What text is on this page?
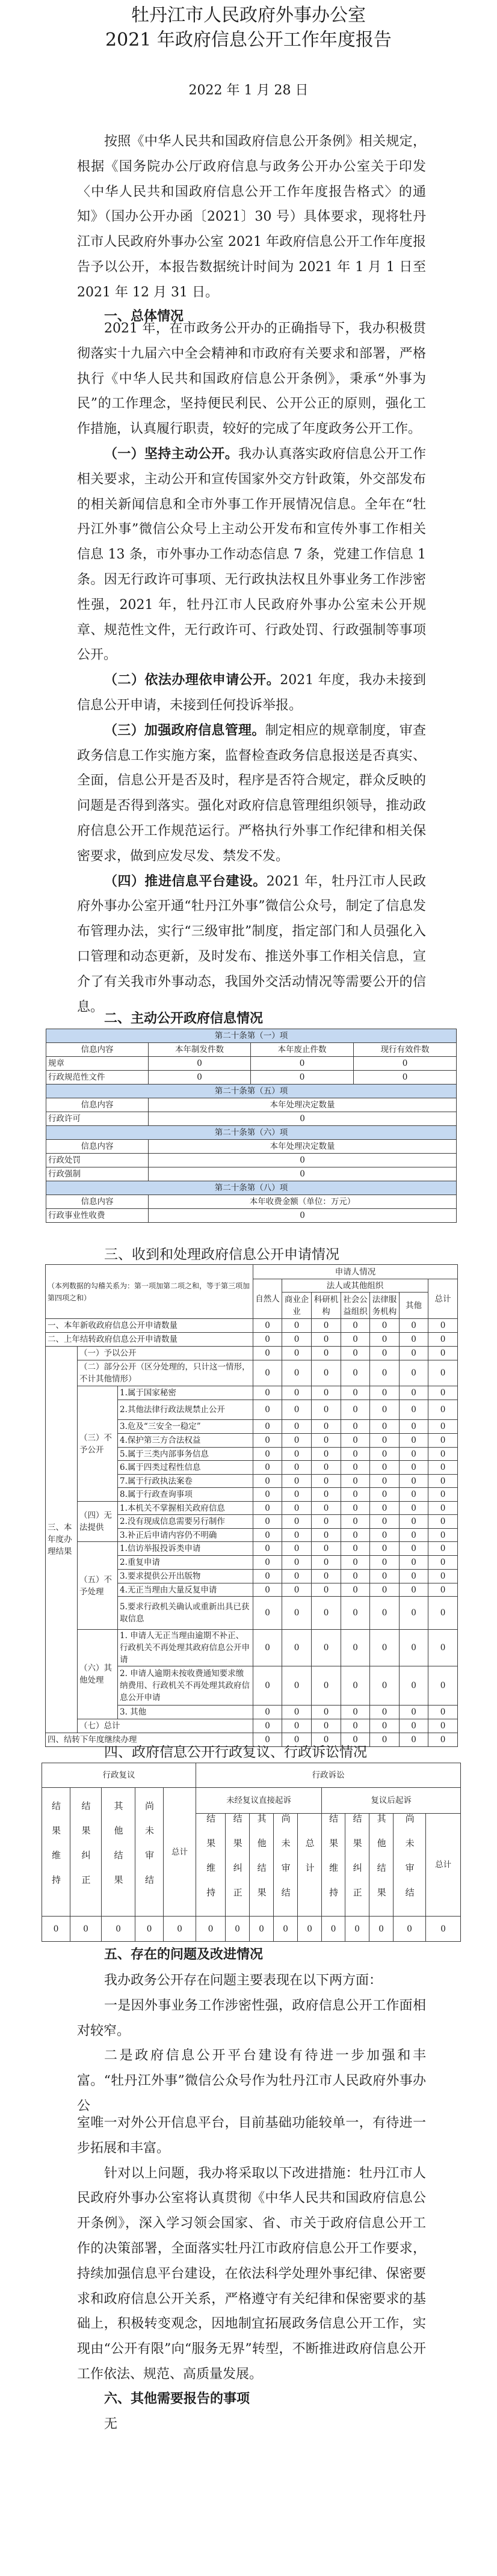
牡丹江市人民政府外事办公室
2021 年政府信息公开工作年度报告
2022 年 1 月 28 日

按照《中华人民共和国政府信息公开条例》相关规定，根据《国务院办公厅政府信息与政务公开办公室关于印发〈中华人民共和国政府信息公开工作年度报告格式〉的通知》（国办公开办函〔2021〕30 号）具体要求，现将牡丹江市人民政府外事办公室 2021 年政府信息公开工作年度报告予以公开，本报告数据统计时间为 2021 年 1 月 1 日至 2021 年 12 月 31 日。

一、总体情况

2021 年，在市政务公开办的正确指导下，我办积极贯彻落实十九届六中全会精神和市政府有关要求和部署，严格执行《中华人民共和国政府信息公开条例》，秉承“外事为民”的工作理念，坚持便民利民、公开公正的原则，强化工作措施，认真履行职责，较好的完成了年度政务公开工作。

（一）坚持主动公开。我办认真落实政府信息公开工作相关要求，主动公开和宣传国家外交方针政策，外交部发布的相关新闻信息和全市外事工作开展情况信息。全年在“牡丹江外事”微信公众号上主动公开发布和宣传外事工作相关信息 13 条，市外事办工作动态信息 7 条，党建工作信息 1 条。因无行政许可事项、无行政执法权且外事业务工作涉密性强，2021 年，牡丹江市人民政府外事办公室未公开规章、规范性文件，无行政许可、行政处罚、行政强制等事项公开。

（二）依法办理依申请公开。2021 年度，我办未接到信息公开申请，未接到任何投诉举报。

（三）加强政府信息管理。制定相应的规章制度，审查政务信息工作实施方案，监督检查政务信息报送是否真实、全面，信息公开是否及时，程序是否符合规定，群众反映的问题是否得到落实。强化对政府信息管理组织领导，推动政府信息公开工作规范运行。严格执行外事工作纪律和相关保密要求，做到应发尽发、禁发不发。

（四）推进信息平台建设。2021 年，牡丹江市人民政府外事办公室开通“牡丹江外事”微信公众号，制定了信息发布管理办法，实行“三级审批”制度，指定部门和人员强化入口管理和动态更新，及时发布、推送外事工作相关信息，宣介了有关我市外事动态，我国外交活动情况等需要公开的信息。

二、主动公开政府信息情况
第二十条第（一）项			
信息内容	本年制发件数	本年废止件数	现行有效件数
规章	0	0	0
行政规范性文件	0	0	0
第二十条第（五）项			
信息内容	本年处理决定数量		
行政许可	0		
第二十条第（六）项			
信息内容	本年处理决定数量		
行政处罚	0		
行政强制	0		
第二十条第（八）项			
信息内容	本年收费金额（单位：万元）		
行政事业性收费	0		
三、收到和处理政府信息公开申请情况
（本列数据的勾稽关系为：第一项加第二项之和，等于第三项加第四项之和）			申请人情况						
			自然人	法人或其他组织					总计
				商业企业	科研机构	社会公益组织	法律服务机构	其他	
一、本年新收政府信息公开申请数量			0	0	0	0	0	0	0
二、上年结转政府信息公开申请数量			0	0	0	0	0	0	0
三、本年度办理结果	（一）予以公开		0	0	0	0	0	0	0
	（二）部分公开（区分处理的，只计这一情形，不计其他情形）		0	0	0	0	0	0	0
	（三）不予公开	1.属于国家秘密	0	0	0	0	0	0	0
		2.其他法律行政法规禁止公开	0	0	0	0	0	0	0
		3.危及“三安全一稳定”	0	0	0	0	0	0	0
		4.保护第三方合法权益	0	0	0	0	0	0	0
		5.属于三类内部事务信息	0	0	0	0	0	0	0
		6.属于四类过程性信息	0	0	0	0	0	0	0
		7.属于行政执法案卷	0	0	0	0	0	0	0
		8.属于行政查询事项	0	0	0	0	0	0	0
	（四）无法提供	1.本机关不掌握相关政府信息	0	0	0	0	0	0	0
		2.没有现成信息需要另行制作	0	0	0	0	0	0	0
		3.补正后申请内容仍不明确	0	0	0	0	0	0	0
	（五）不予处理	1.信访举报投诉类申请	0	0	0	0	0	0	0
		2.重复申请	0	0	0	0	0	0	0
		3.要求提供公开出版物	0	0	0	0	0	0	0
		4.无正当理由大量反复申请	0	0	0	0	0	0	0
		5.要求行政机关确认或重新出具已获取信息	0	0	0	0	0	0	0
	（六）其他处理	1. 申请人无正当理由逾期不补正、行政机关不再处理其政府信息公开申请	0	0	0	0	0	0	0
		2. 申请人逾期未按收费通知要求缴纳费用、行政机关不再处理其政府信息公开申请	0	0	0	0	0	0	0
		3. 其他	0	0	0	0	0	0	0
	（七）总计		0	0	0	0	0	0	0
四、结转下年度继续办理			0	0	0	0	0	0	0
四、政府信息公开行政复议、行政诉讼情况
行政复议					行政诉讼									
结果维持	结果纠正	其他结果	尚未审结	总计	未经复议直接起诉					复议后起诉				
					结果维持	结果纠正	其他结果	尚未审结	总计	结果维持	结果纠正	其他结果	尚未审结	总计
0	0	0	0	0	0	0	0	0	0	0	0	0	0	0
五、存在的问题及改进情况

我办政务公开存在问题主要表现在以下两方面：

一是因外事业务工作涉密性强，政府信息公开工作面相对较窄。

二是政府信息公开平台建设有待进一步加强和丰富。“牡丹江外事”微信公众号作为牡丹江市人民政府外事办公

室唯一对外公开信息平台，目前基础功能较单一，有待进一步拓展和丰富。

针对以上问题，我办将采取以下改进措施：牡丹江市人民政府外事办公室将认真贯彻《中华人民共和国政府信息公开条例》，深入学习领会国家、省、市关于政府信息公开工作的决策部署，全面落实牡丹江市政府信息公开工作要求，持续加强信息平台建设，在依法科学处理外事纪律、保密要求和政府信息公开关系，严格遵守有关纪律和保密要求的基础上，积极转变观念，因地制宜拓展政务信息公开工作，实现由“公开有限”向“服务无界”转型，不断推进政府信息公开工作依法、规范、高质量发展。

六、其他需要报告的事项

无
